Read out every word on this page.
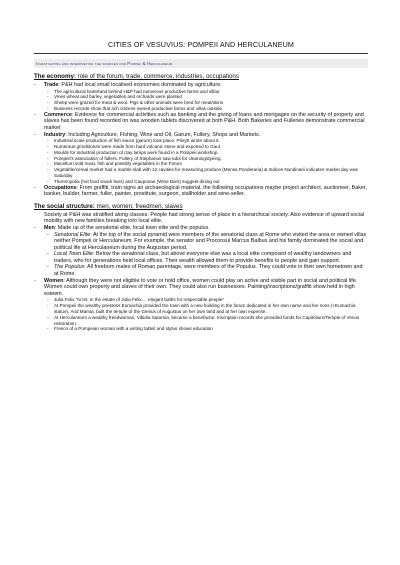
CITIES OF VESUVIUS: POMPEII AND HERCULANEUM
Investigating and interpreting the sources for Pompeii & Herculaneum
The economy: role of the forum, trade, commerce, industries, occupations
- Trade: P&H had local small localised economies dominated by agriculture.
- The agricultural hinterland behind H&P had numerous productive farms and villas
- Vines wheat and barley, vegetables and orchards were planted
- Sheep were grazed for meat & wool. Pigs & other animals were bred for meat/skins
- Business records show that rich citizens owned productive farms and villas outside
- Commerce: Evidence for commercial activities such as banking and the giving of loans and mortgages on the security of property and slaves has been found recorded on wax wooden tablets discovered at both P&H. Both Bakeries and Fulleries demonstrate commercial market
- Industry: Including Agriculture, Fishing, Wine and Oil, Garum, Fullery, Shops and Markets.
- Industrial scale production of fish sauce (garum) took place. PlinyE wrote about it.
- Numerous grindstones were made from hard volcanic stone and exported to Gaul.
- Moulds for industrial production of clay lamps were found in a Pompeii workshop.
- Pompeii's association of fullers. Fullery of Stephanus saw tubs for cleaning/dyeing.
- Macellum sold meat, fish and possibly vegetables in the Forum
- Vegetable/cereal market had a marble slab with 12 cavities for measuring produce (Mensa Ponderaria) & Indices Nundinarii indicates market day was Saturday
- Thermopolia (hot food snack bars) and Cauponae (Wine Bars) suggest dining out
- Occupations: From graffiti, train signs an archaeological material, the following occupations maybe project architect, auctioneer, Baker, banker, builder, farmer, fuller, painter, prostitute, surgeon, stallholder and wine-seller.
The social structure: men, women, freedmen, slaves
Society at P&H was stratified along classes. People had strong sense of place in a hierarchical society. Also evidence of upward social mobility with new families breaking into local elite.
- Men: Made up of the senatorial elite, local town elite and the populus.
- Senatorial Elite: At the top of the social pyramid were members of the senatorial class at Rome who visited the area or owned villas neither Pompeii or Herculaneum. For example, the senator and Proconsul Marcus Balbus and his family dominated the social and political life at Herculaneum during the Augustan period.
- Local Town Elite: Below the senatorial class, but above everyone else was a local elite composed of wealthy landowners and traders, who for generations held local offices. Their wealth allowed them to provide benefits to people and gain support.
- The Populus: All freeborn males of Roman parentage, were members of the Populus. They could vote in their own hometown and at Rome.
- Women: Although they were not eligible to vote or hold office, women could play an active and visible part in social and political life. Women could own property and slaves of their own. They could also run businesses. Painting/inscriptions/graffiti show held in high esteem.
- Julia Felix "to let, in the estate of Julia Felix.... elegant baths for respectable people"
- At Pompeii the wealthy priestess Eumachia provided the town with a new building in the forum dedicated in her own name and her sons (+Eumachia statue). And Mamia, built the temple of the Genius of Augustus on her own land and at her own expense.
- At Herculaneum a wealthy freedwoman, Vibidia Saturnia, became a benefactor. Inscription records she provided funds for Capitolium/Temple of Venus restoration.
- Fresco of a Pompeian woman with a writing tablet and stylus shows education
